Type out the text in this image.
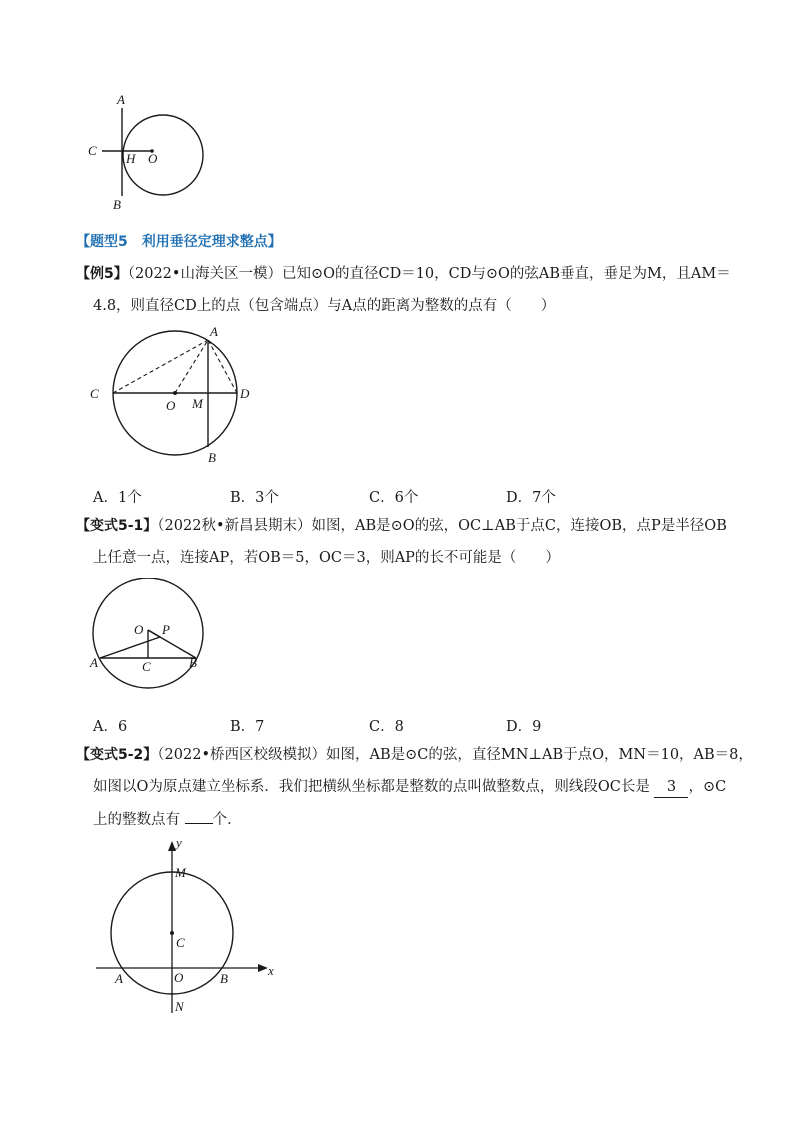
A
C
H O
B
【题型5　利用垂径定理求整点】
【例5】（2022•山海关区一模）已知⊙O的直径CD＝10，CD与⊙O的弦AB垂直，垂足为M，且AM＝
4.8，则直径CD上的点（包含端点）与A点的距离为整数的点有（　　）
A
C	D
O M
B
A．1个	B．3个	C．6个	D．7个
【变式5-1】（2022秋•新昌县期末）如图，AB是⊙O的弦，OC⊥AB于点C，连接OB，点P是半径OB
上任意一点，连接AP，若OB＝5，OC＝3，则AP的长不可能是（　　）
O P
A	B
C
A．6	B．7	C．8	D．9
【变式5-2】（2022•桥西区校级模拟）如图，AB是⊙C的弦，直径MN⊥AB于点O，MN＝10，AB＝8，
如图以O为原点建立坐标系．我们把横纵坐标都是整数的点叫做整数点，则线段OC长是 3 ，⊙C
上的整数点有 个．
y
x
M
C
O
A	B
N
